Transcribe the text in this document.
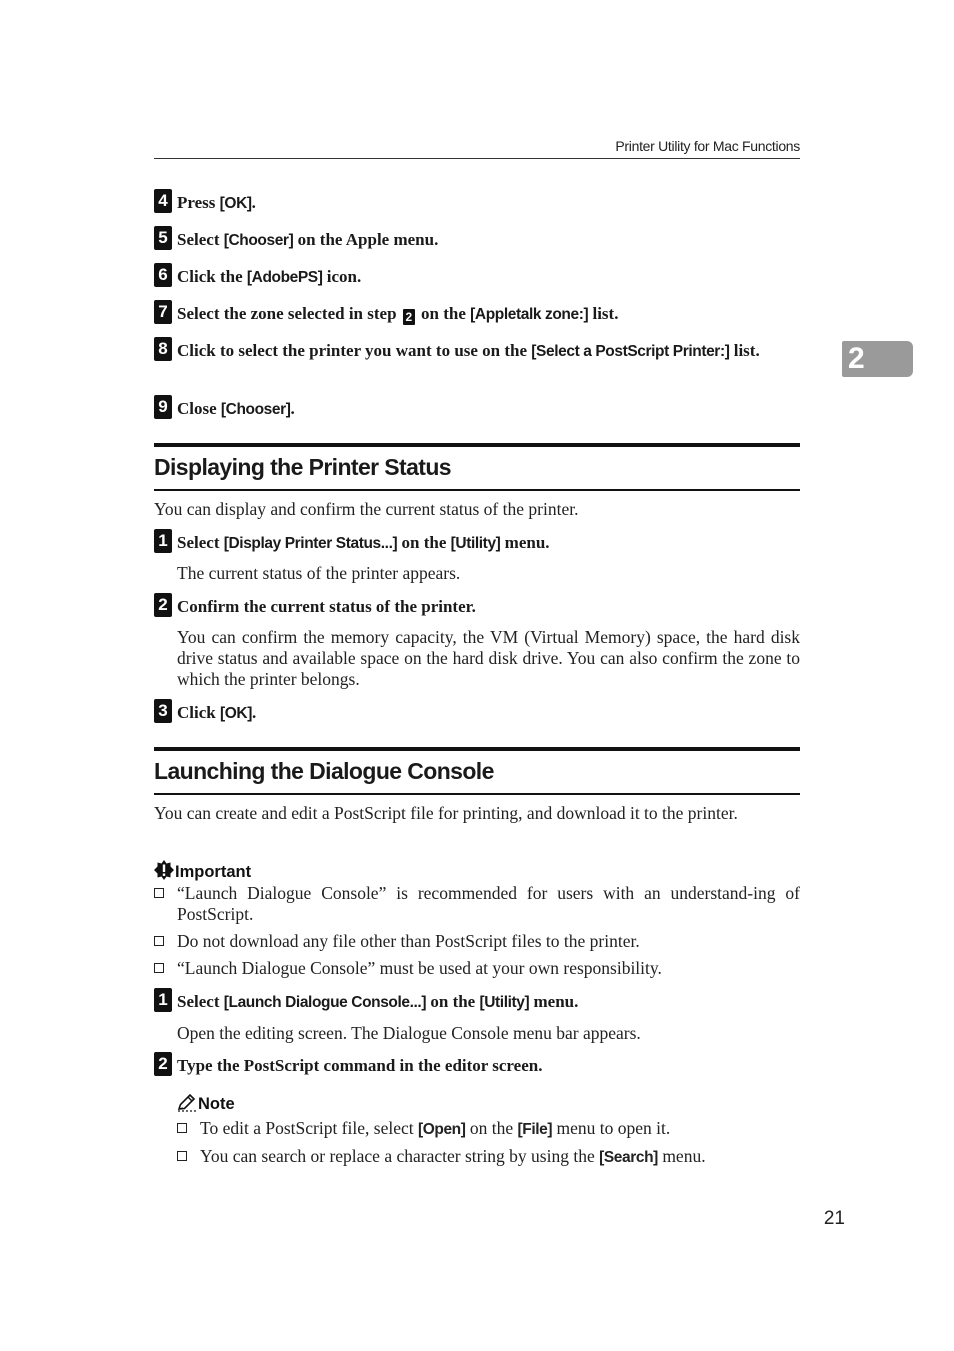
Printer Utility for Mac Functions
2
4 Press [OK].
5 Select [Chooser] on the Apple menu.
6 Click the [AdobePS] icon.
7 Select the zone selected in step 2 on the [Appletalk zone:] list.
8 Click to select the printer you want to use on the [Select a PostScript Printer:] list.
9 Close [Chooser].
Displaying the Printer Status
You can display and confirm the current status of the printer.
1 Select [Display Printer Status...] on the [Utility] menu.
The current status of the printer appears.
2 Confirm the current status of the printer.
You can confirm the memory capacity, the VM (Virtual Memory) space, the hard disk drive status and available space on the hard disk drive. You can also confirm the zone to which the printer belongs.
3 Click [OK].
Launching the Dialogue Console
You can create and edit a PostScript file for printing, and download it to the printer.
Important
“Launch Dialogue Console” is recommended for users with an understand-ing of PostScript.
Do not download any file other than PostScript files to the printer.
“Launch Dialogue Console” must be used at your own responsibility.
1 Select [Launch Dialogue Console...] on the [Utility] menu.
Open the editing screen. The Dialogue Console menu bar appears.
2 Type the PostScript command in the editor screen.
Note
To edit a PostScript file, select [Open] on the [File] menu to open it.
You can search or replace a character string by using the [Search] menu.
21
